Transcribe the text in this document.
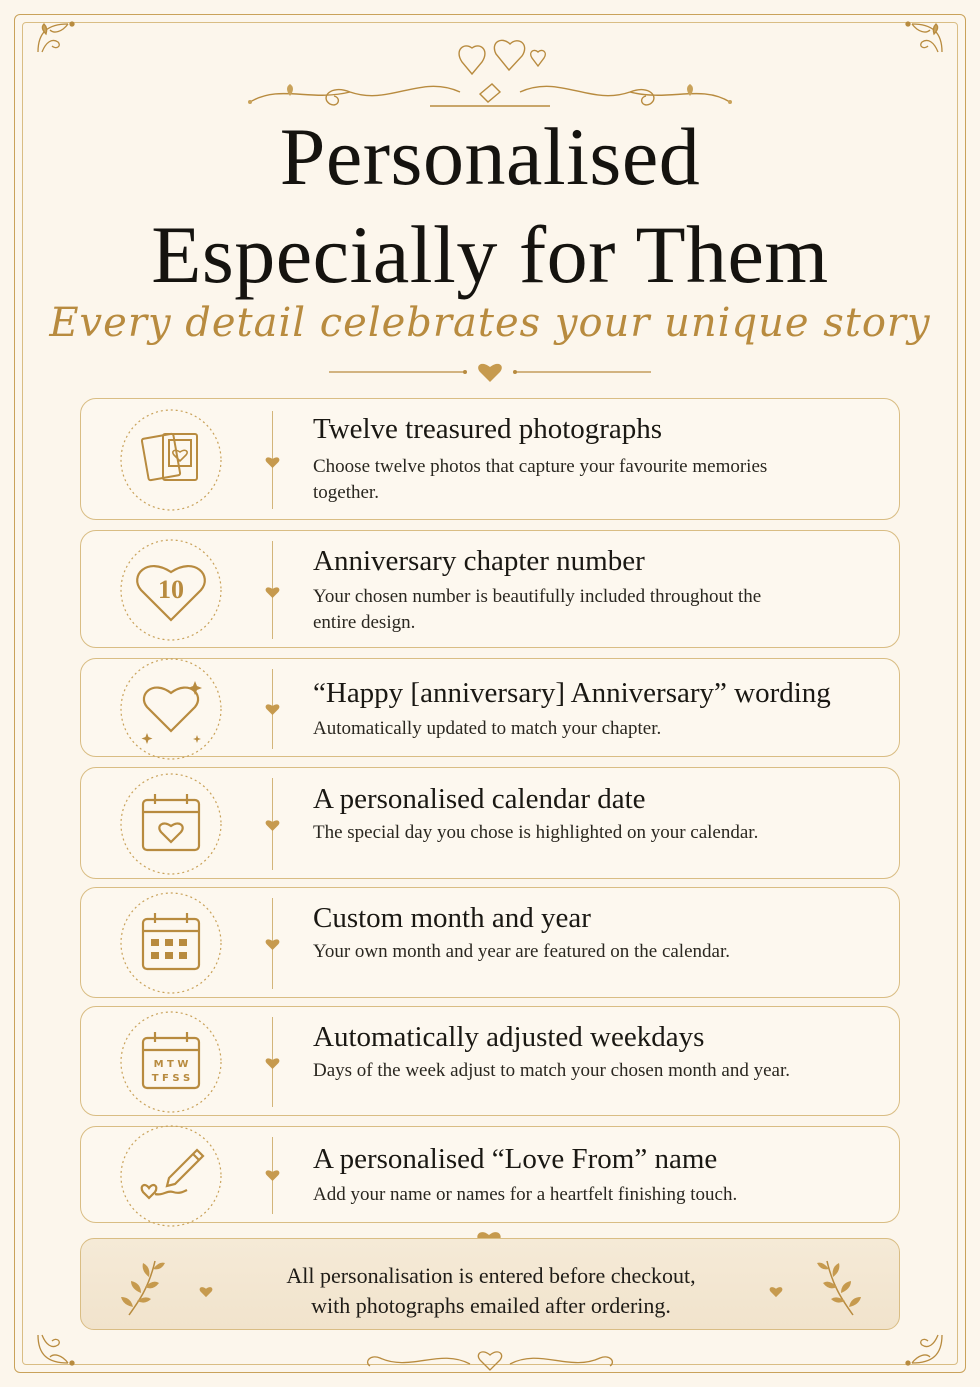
Personalised
Especially for Them
Every detail celebrates your unique story
Twelve treasured photographs
Choose twelve photos that capture your favourite memories together.
10
Anniversary chapter number
Your chosen number is beautifully included throughout the entire design.
“Happy [anniversary] Anniversary” wording
Automatically updated to match your chapter.
A personalised calendar date
The special day you chose is highlighted on your calendar.
Custom month and year
Your own month and year are featured on the calendar.
M T W
T F S S
Automatically adjusted weekdays
Days of the week adjust to match your chosen month and year.
A personalised “Love From” name
Add your name or names for a heartfelt finishing touch.
All personalisation is entered before checkout,
with photographs emailed after ordering.
